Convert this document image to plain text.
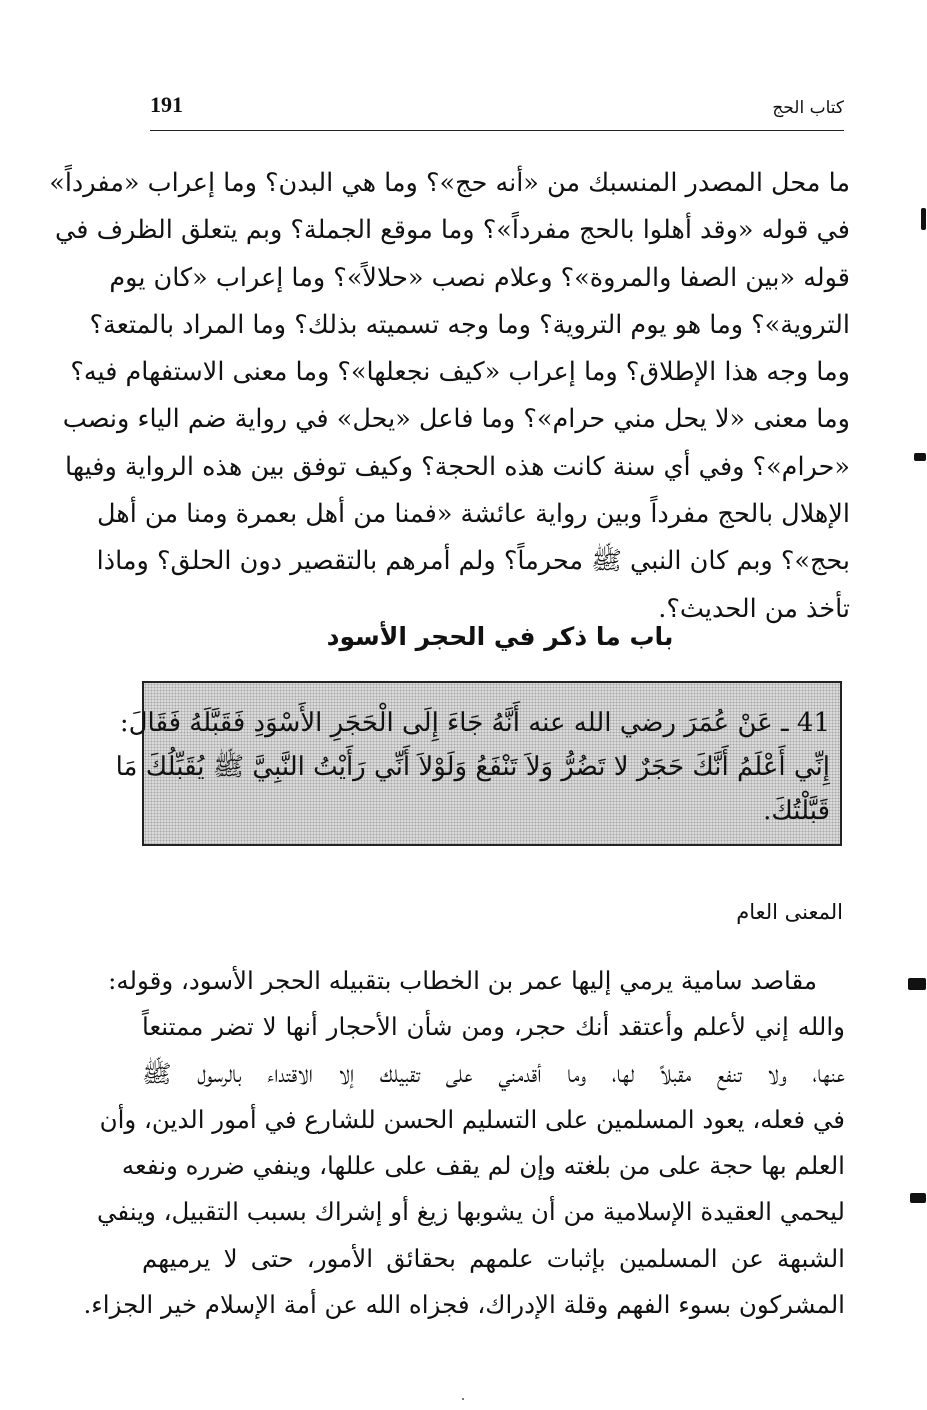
191	كتاب الحج
ما محل المصدر المنسبك من «أنه حج»؟ وما هي البدن؟ وما إعراب «مفرداً»
في قوله «وقد أهلوا بالحج مفرداً»؟ وما موقع الجملة؟ وبم يتعلق الظرف في
قوله «بين الصفا والمروة»؟ وعلام نصب «حلالاً»؟ وما إعراب «كان يوم
التروية»؟ وما هو يوم التروية؟ وما وجه تسميته بذلك؟ وما المراد بالمتعة؟
وما وجه هذا الإطلاق؟ وما إعراب «كيف نجعلها»؟ وما معنى الاستفهام فيه؟
وما معنى «لا يحل مني حرام»؟ وما فاعل «يحل» في رواية ضم الياء ونصب
«حرام»؟ وفي أي سنة كانت هذه الحجة؟ وكيف توفق بين هذه الرواية وفيها
الإهلال بالحج مفرداً وبين رواية عائشة «فمنا من أهل بعمرة ومنا من أهل
بحج»؟ وبم كان النبي ﷺ محرماً؟ ولم أمرهم بالتقصير دون الحلق؟ وماذا
تأخذ من الحديث؟.
باب ما ذكر في الحجر الأسود
41 ـ عَنْ عُمَرَ رضي الله عنه أَنَّهُ جَاءَ إِلَى الْحَجَرِ الأَسْوَدِ فَقَبَّلَهُ فَقَالَ:
إِنِّي أَعْلَمُ أَنَّكَ حَجَرٌ لا تَضُرُّ وَلاَ تَنْفَعُ وَلَوْلاَ أَنِّي رَأَيْتُ النَّبِيَّ ﷺ يُقَبِّلُكَ مَا
قَبَّلْتُكَ.
المعنى العام
مقاصد سامية يرمي إليها عمر بن الخطاب بتقبيله الحجر الأسود، وقوله:
والله إني لأعلم وأعتقد أنك حجر، ومن شأن الأحجار أنها لا تضر ممتنعاً
عنها، ولا تنفع مقبلاً لها، وما أقدمني على تقبيلك إلا الاقتداء بالرسول ﷺ
في فعله، يعود المسلمين على التسليم الحسن للشارع في أمور الدين، وأن
العلم بها حجة على من بلغته وإن لم يقف على عللها، وينفي ضرره ونفعه
ليحمي العقيدة الإسلامية من أن يشوبها زيغ أو إشراك بسبب التقبيل، وينفي
الشبهة عن المسلمين بإثبات علمهم بحقائق الأمور، حتى لا يرميهم
المشركون بسوء الفهم وقلة الإدراك، فجزاه الله عن أمة الإسلام خير الجزاء.
